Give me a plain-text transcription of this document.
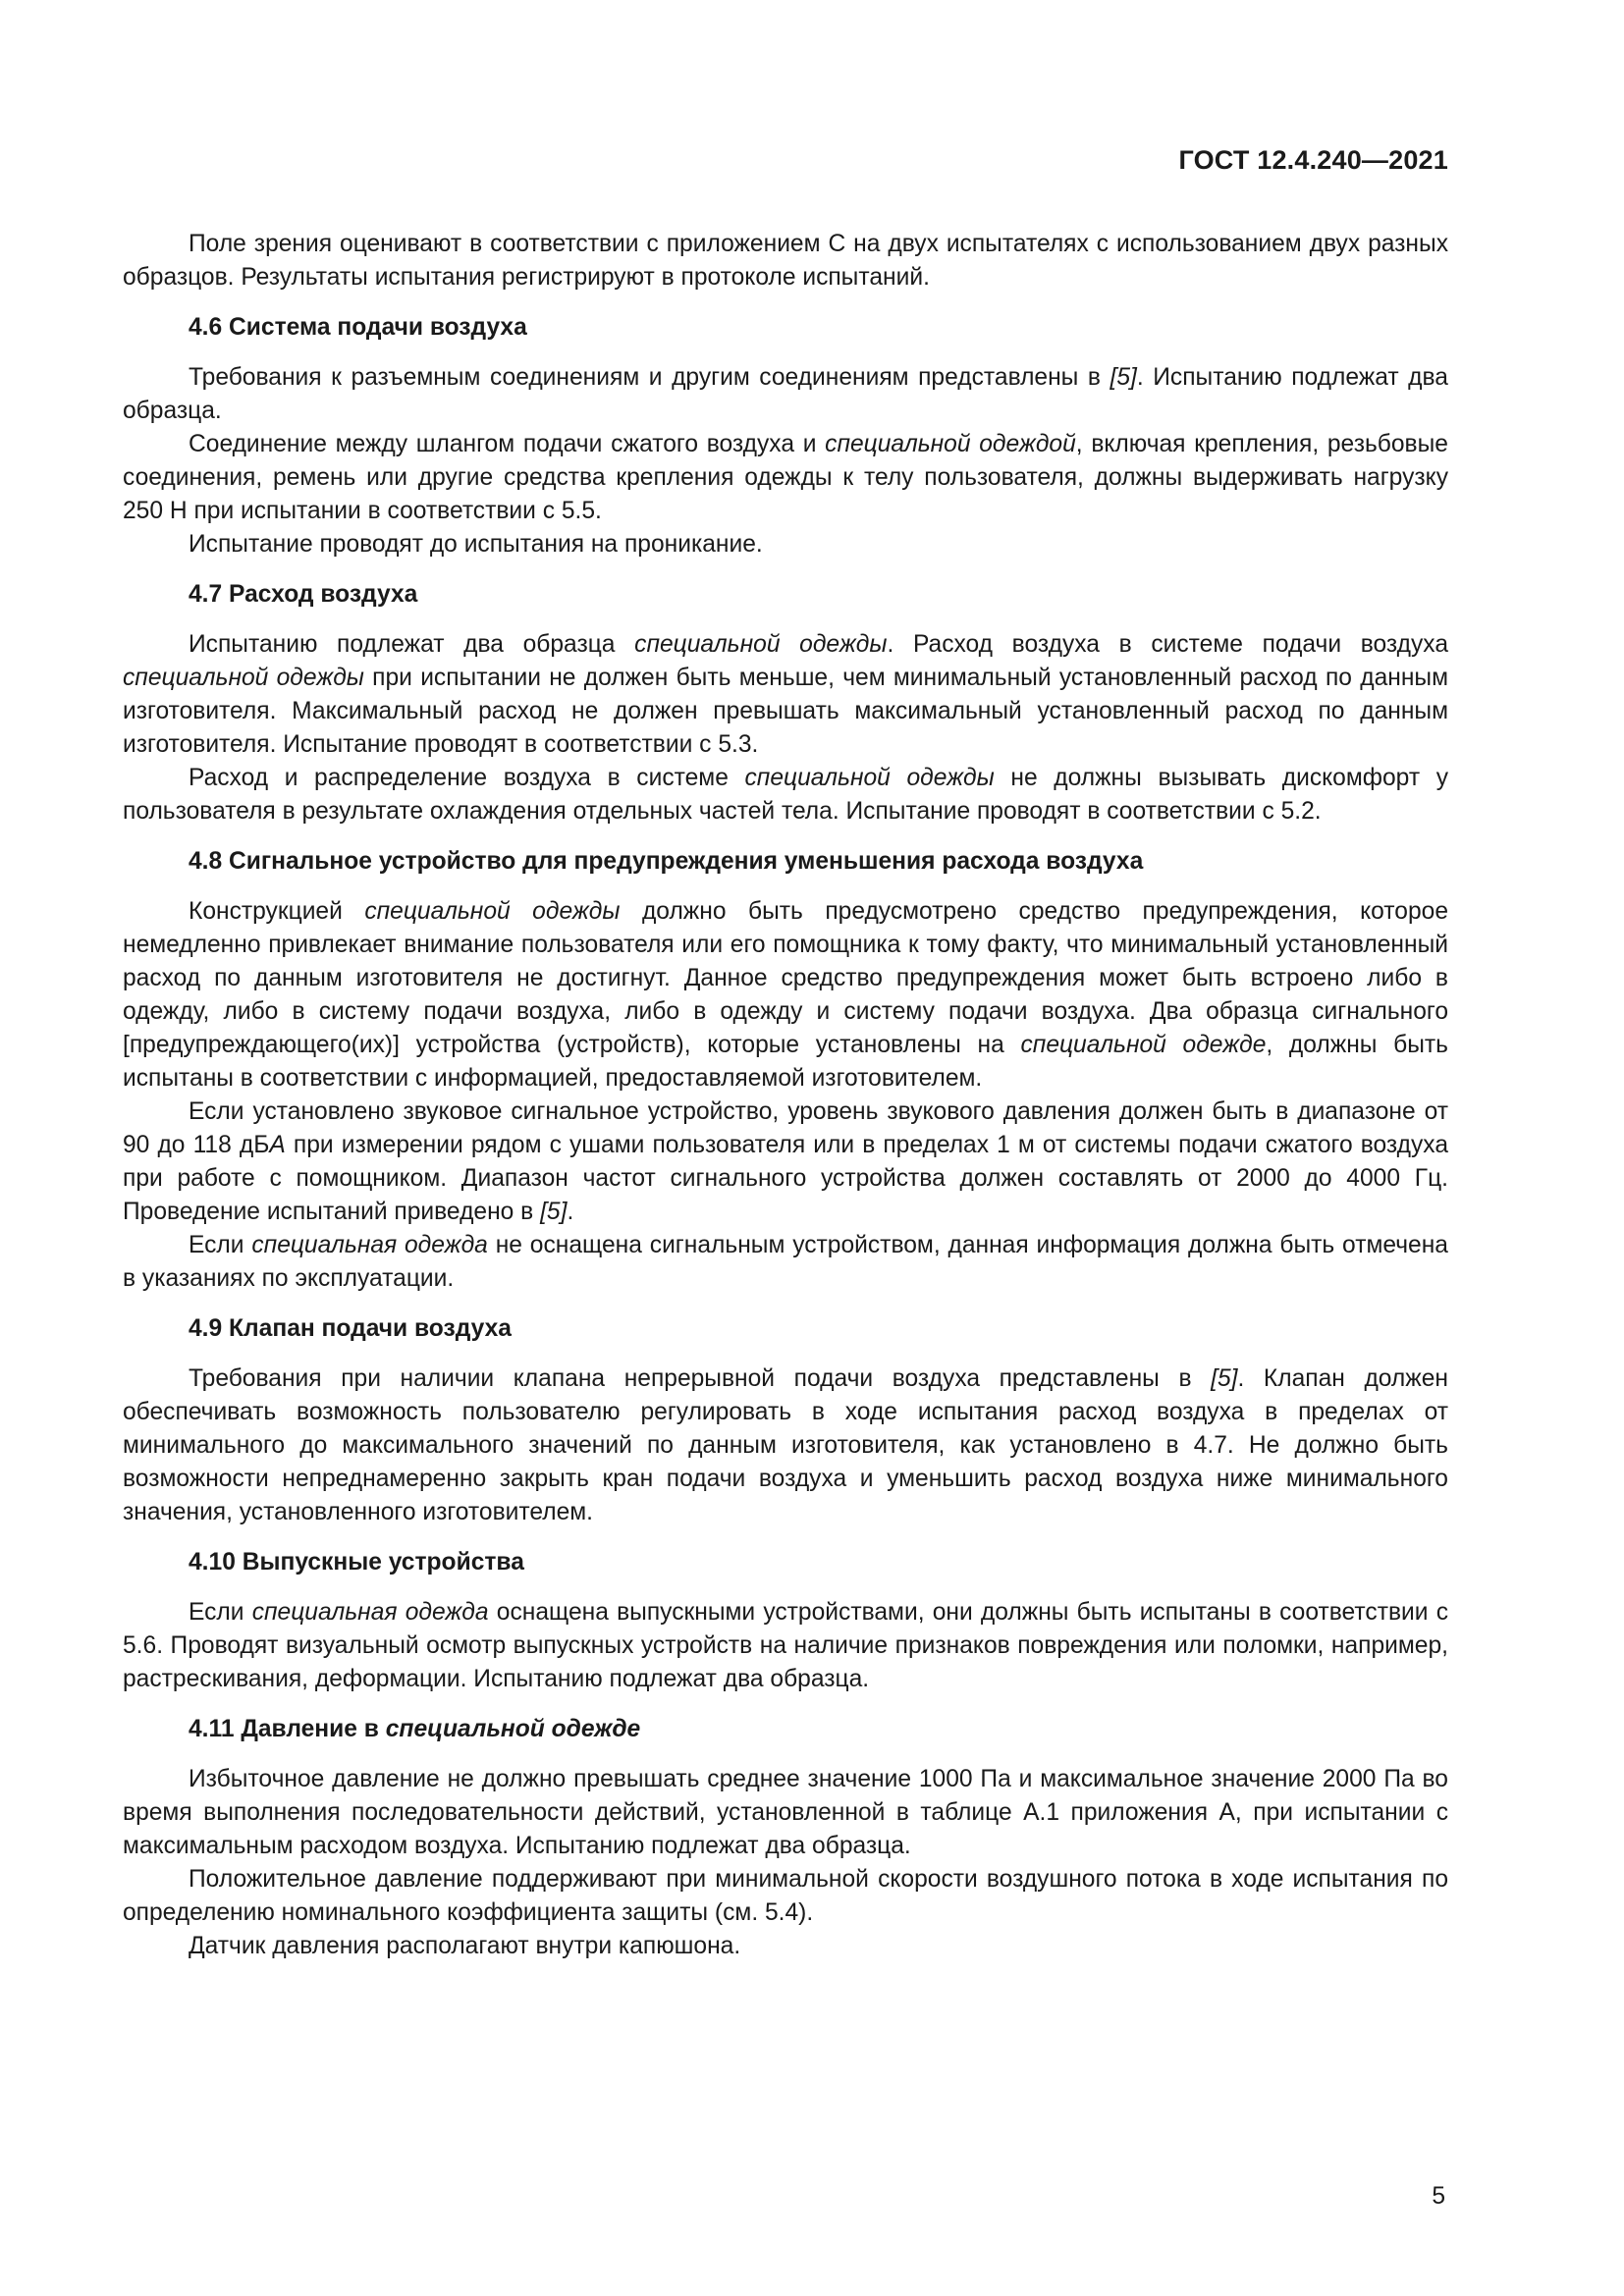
ГОСТ 12.4.240—2021

Поле зрения оценивают в соответствии с приложением С на двух испытателях с использованием двух разных образцов. Результаты испытания регистрируют в протоколе испытаний.

4.6 Система подачи воздуха

Требования к разъемным соединениям и другим соединениям представлены в [5]. Испытанию подлежат два образца.

Соединение между шлангом подачи сжатого воздуха и специальной одеждой, включая крепления, резьбовые соединения, ремень или другие средства крепления одежды к телу пользователя, должны выдерживать нагрузку 250 Н при испытании в соответствии с 5.5.

Испытание проводят до испытания на проникание.

4.7 Расход воздуха

Испытанию подлежат два образца специальной одежды. Расход воздуха в системе подачи воздуха специальной одежды при испытании не должен быть меньше, чем минимальный установленный расход по данным изготовителя. Максимальный расход не должен превышать максимальный установленный расход по данным изготовителя. Испытание проводят в соответствии с 5.3.

Расход и распределение воздуха в системе специальной одежды не должны вызывать дискомфорт у пользователя в результате охлаждения отдельных частей тела. Испытание проводят в соответствии с 5.2.

4.8 Сигнальное устройство для предупреждения уменьшения расхода воздуха

Конструкцией специальной одежды должно быть предусмотрено средство предупреждения, которое немедленно привлекает внимание пользователя или его помощника к тому факту, что минимальный установленный расход по данным изготовителя не достигнут. Данное средство предупреждения может быть встроено либо в одежду, либо в систему подачи воздуха, либо в одежду и систему подачи воздуха. Два образца сигнального [предупреждающего(их)] устройства (устройств), которые установлены на специальной одежде, должны быть испытаны в соответствии с информацией, предоставляемой изготовителем.

Если установлено звуковое сигнальное устройство, уровень звукового давления должен быть в диапазоне от 90 до 118 дБА при измерении рядом с ушами пользователя или в пределах 1 м от системы подачи сжатого воздуха при работе с помощником. Диапазон частот сигнального устройства должен составлять от 2000 до 4000 Гц. Проведение испытаний приведено в [5].

Если специальная одежда не оснащена сигнальным устройством, данная информация должна быть отмечена в указаниях по эксплуатации.

4.9 Клапан подачи воздуха

Требования при наличии клапана непрерывной подачи воздуха представлены в [5]. Клапан должен обеспечивать возможность пользователю регулировать в ходе испытания расход воздуха в пределах от минимального до максимального значений по данным изготовителя, как установлено в 4.7. Не должно быть возможности непреднамеренно закрыть кран подачи воздуха и уменьшить расход воздуха ниже минимального значения, установленного изготовителем.

4.10 Выпускные устройства

Если специальная одежда оснащена выпускными устройствами, они должны быть испытаны в соответствии с 5.6. Проводят визуальный осмотр выпускных устройств на наличие признаков повреждения или поломки, например, растрескивания, деформации. Испытанию подлежат два образца.

4.11 Давление в специальной одежде

Избыточное давление не должно превышать среднее значение 1000 Па и максимальное значение 2000 Па во время выполнения последовательности действий, установленной в таблице А.1 приложения А, при испытании с максимальным расходом воздуха. Испытанию подлежат два образца.

Положительное давление поддерживают при минимальной скорости воздушного потока в ходе испытания по определению номинального коэффициента защиты (см. 5.4).

Датчик давления располагают внутри капюшона.

5
